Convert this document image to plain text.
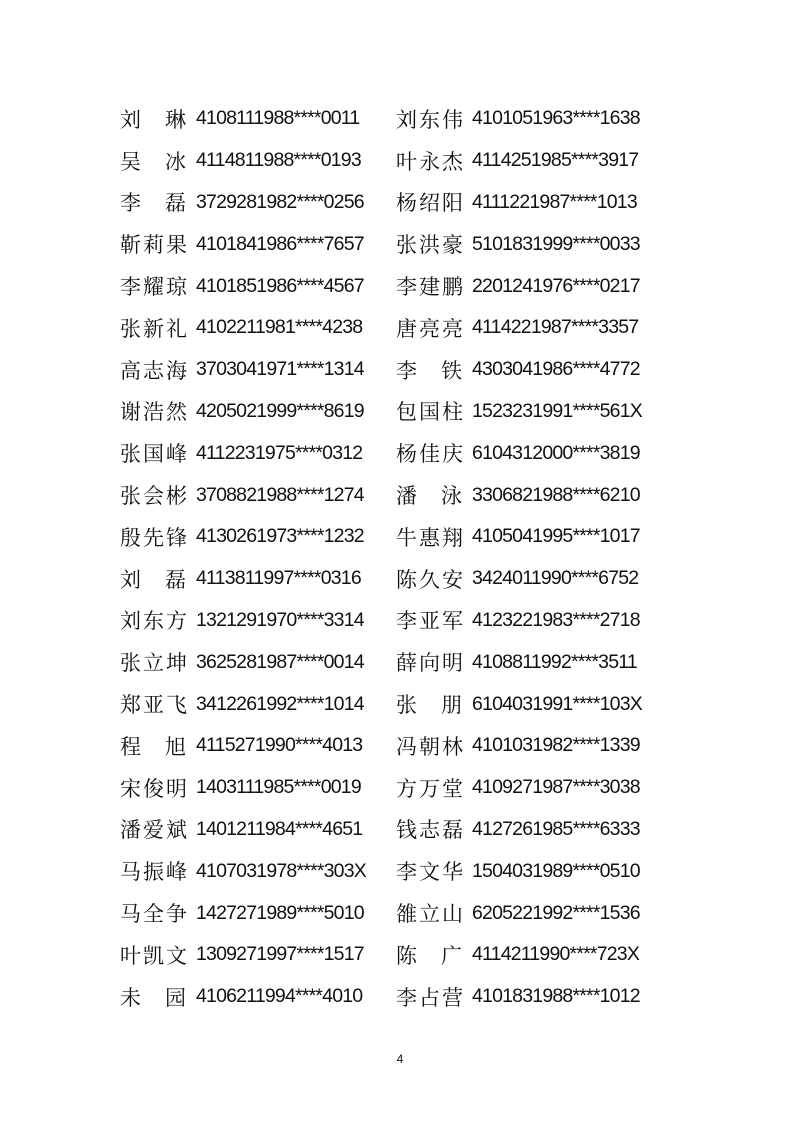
刘 琳 4108111988****0011	刘东伟 4101051963****1638
吴 冰 4114811988****0193	叶永杰 4114251985****3917
李 磊 3729281982****0256	杨绍阳 4111221987****1013
靳莉果 4101841986****7657	张洪豪 5101831999****0033
李耀琼 4101851986****4567	李建鹏 2201241976****0217
张新礼 4102211981****4238	唐亮亮 4114221987****3357
高志海 3703041971****1314	李 铁 4303041986****4772
谢浩然 4205021999****8619	包国柱 1523231991****561X
张国峰 4112231975****0312	杨佳庆 6104312000****3819
张会彬 3708821988****1274	潘 泳 3306821988****6210
殷先锋 4130261973****1232	牛惠翔 4105041995****1017
刘 磊 4113811997****0316	陈久安 3424011990****6752
刘东方 1321291970****3314	李亚军 4123221983****2718
张立坤 3625281987****0014	薛向明 4108811992****3511
郑亚飞 3412261992****1014	张 朋 6104031991****103X
程 旭 4115271990****4013	冯朝林 4101031982****1339
宋俊明 1403111985****0019	方万堂 4109271987****3038
潘爱斌 1401211984****4651	钱志磊 4127261985****6333
马振峰 4107031978****303X	李文华 1504031989****0510
马全争 1427271989****5010	雒立山 6205221992****1536
叶凯文 1309271997****1517	陈 广 4114211990****723X
未 园 4106211994****4010	李占营 4101831988****1012
4
